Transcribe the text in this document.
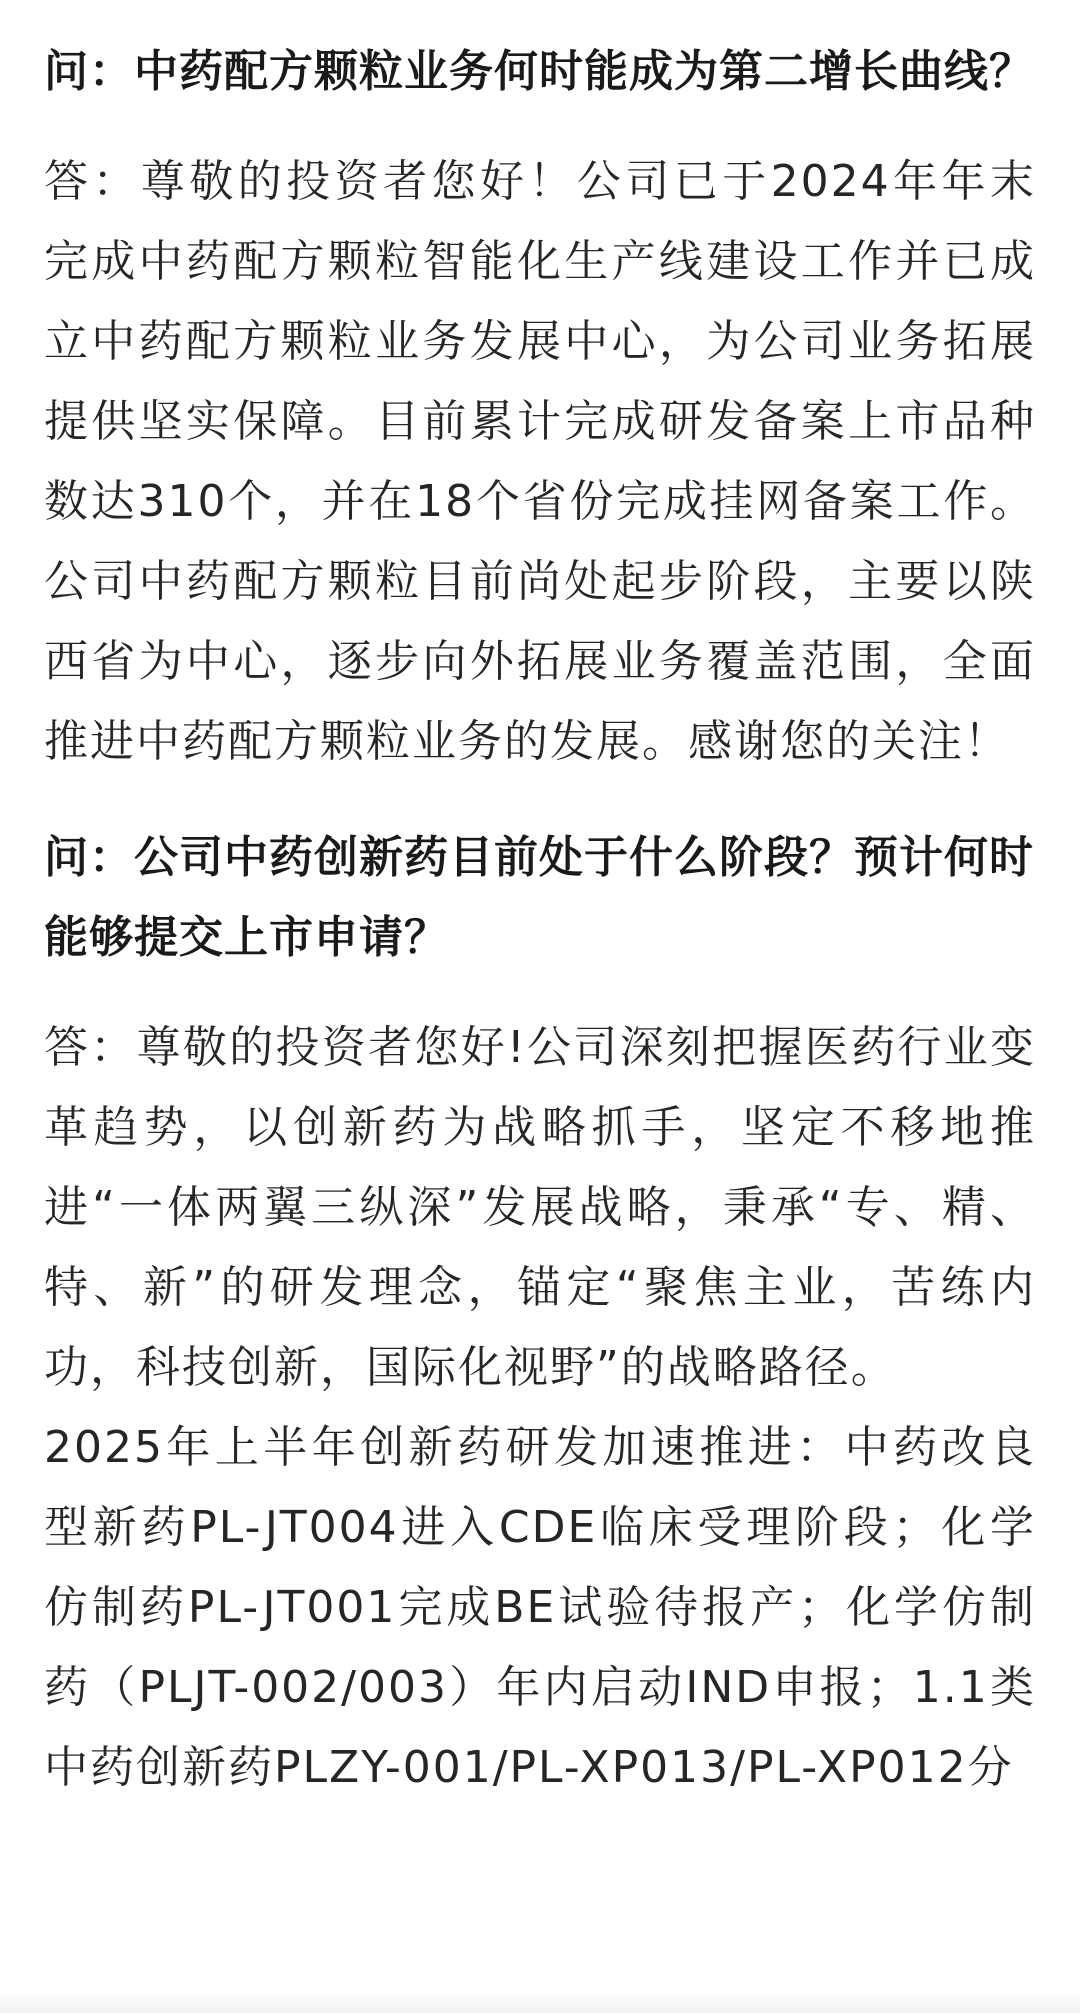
问：中药配方颗粒业务何时能成为第二增长曲线？

答：尊敬的投资者您好！公司已于2024年年末完成中药配方颗粒智能化生产线建设工作并已成立中药配方颗粒业务发展中心，为公司业务拓展提供坚实保障。目前累计完成研发备案上市品种数达310个，并在18个省份完成挂网备案工作。公司中药配方颗粒目前尚处起步阶段，主要以陕西省为中心，逐步向外拓展业务覆盖范围，全面推进中药配方颗粒业务的发展。感谢您的关注！

问：公司中药创新药目前处于什么阶段？预计何时能够提交上市申请？

答：尊敬的投资者您好!公司深刻把握医药行业变革趋势，以创新药为战略抓手，坚定不移地推进“一体两翼三纵深”发展战略，秉承“专、精、特、新”的研发理念，锚定“聚焦主业，苦练内功，科技创新，国际化视野”的战略路径。

2025年上半年创新药研发加速推进：中药改良型新药PL-JT004进入CDE临床受理阶段；化学仿制药PL-JT001完成BE试验待报产；化学仿制药（PLJT-002/003）年内启动IND申报；1.1类中药创新药PLZY-001/PL-XP013/PL-XP012分
